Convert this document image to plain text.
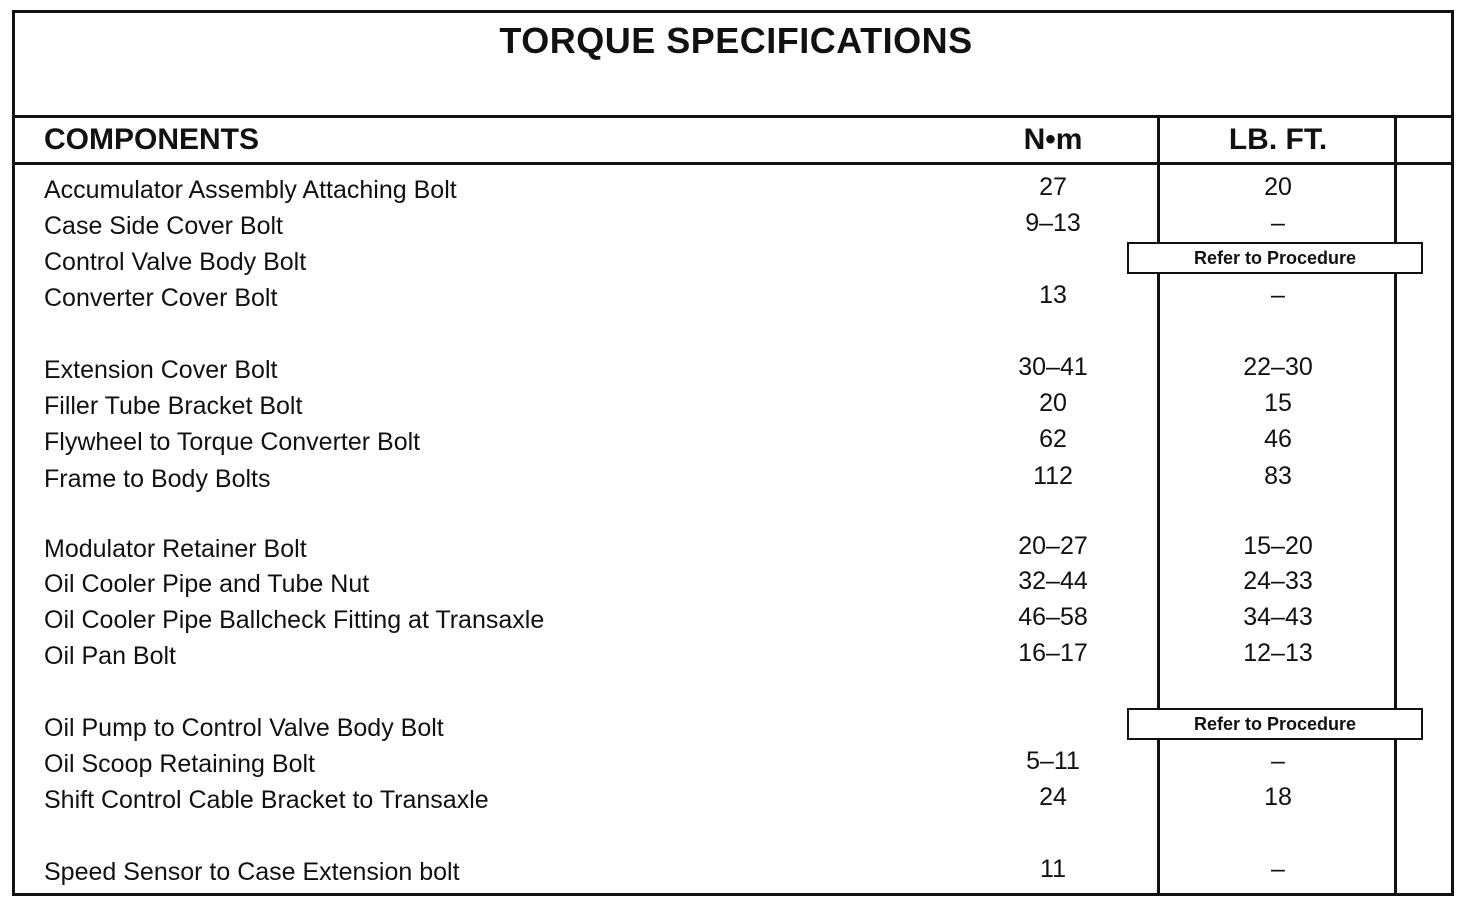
TORQUE SPECIFICATIONS
COMPONENTS	N•m	LB. FT.
Accumulator Assembly Attaching Bolt	27	20
Case Side Cover Bolt	9–13	–
Control Valve Body Bolt	Refer to Procedure
Converter Cover Bolt	13	–
Extension Cover Bolt	30–41	22–30
Filler Tube Bracket Bolt	20	15
Flywheel to Torque Converter Bolt	62	46
Frame to Body Bolts	112	83
Modulator Retainer Bolt	20–27	15–20
Oil Cooler Pipe and Tube Nut	32–44	24–33
Oil Cooler Pipe Ballcheck Fitting at Transaxle	46–58	34–43
Oil Pan Bolt	16–17	12–13
Oil Pump to Control Valve Body Bolt	Refer to Procedure
Oil Scoop Retaining Bolt	5–11	–
Shift Control Cable Bracket to Transaxle	24	18
Speed Sensor to Case Extension bolt	11	–
